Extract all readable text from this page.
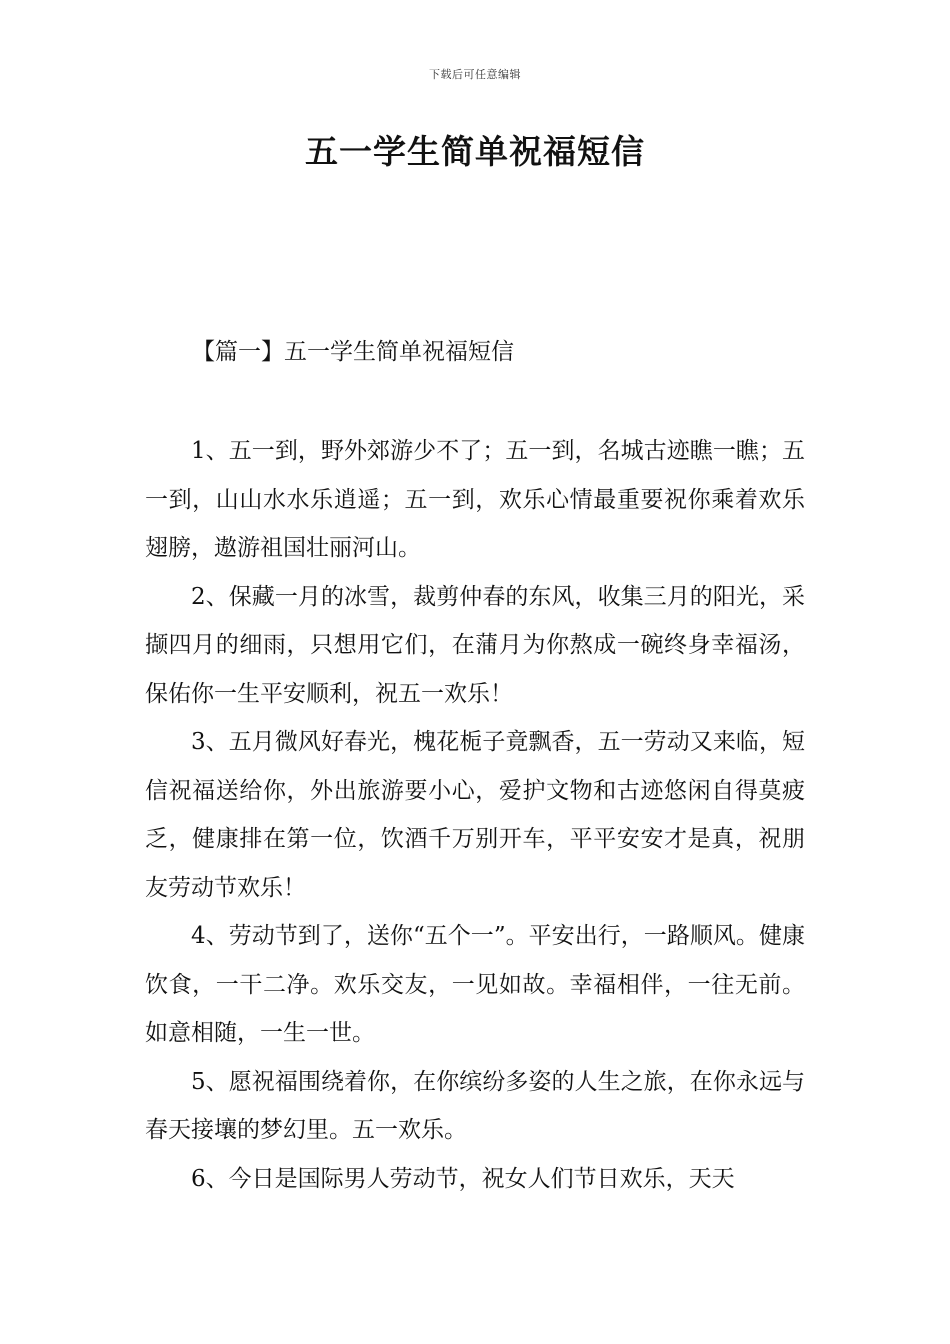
下载后可任意编辑
五一学生简单祝福短信
【篇一】五一学生简单祝福短信

1、五一到，野外郊游少不了；五一到，名城古迹瞧一瞧；五一到，山山水水乐逍遥；五一到，欢乐心情最重要祝你乘着欢乐翅膀，遨游祖国壮丽河山。

2、保藏一月的冰雪，裁剪仲春的东风，收集三月的阳光，采撷四月的细雨，只想用它们，在蒲月为你熬成一碗终身幸福汤，保佑你一生平安顺利，祝五一欢乐！

3、五月微风好春光，槐花栀子竟飘香，五一劳动又来临，短信祝福送给你，外出旅游要小心，爱护文物和古迹悠闲自得莫疲乏，健康排在第一位，饮酒千万别开车，平平安安才是真，祝朋友劳动节欢乐！

4、劳动节到了，送你“五个一”。平安出行，一路顺风。健康饮食，一干二净。欢乐交友，一见如故。幸福相伴，一往无前。如意相随，一生一世。

5、愿祝福围绕着你，在你缤纷多姿的人生之旅，在你永远与春天接壤的梦幻里。五一欢乐。

6、今日是国际男人劳动节，祝女人们节日欢乐，天天
